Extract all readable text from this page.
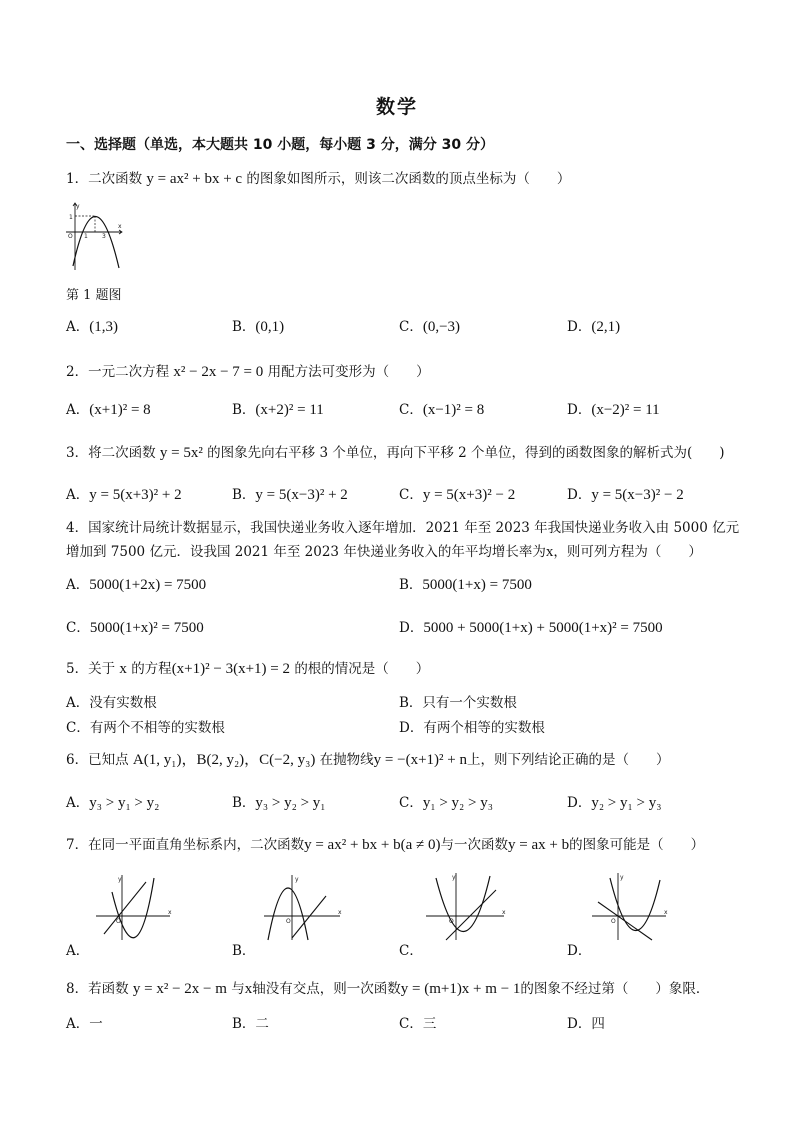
数学
一、选择题（单选，本大题共 10 小题，每小题 3 分，满分 30 分）
1．二次函数 y = ax² + bx + c 的图象如图所示，则该二次函数的顶点坐标为（　　）
y
1
O 1 3
x
第 1 题图
A．(1,3)	B．(0,1)	C．(0,−3)	D．(2,1)
2．一元二次方程 x² − 2x − 7 = 0 用配方法可变形为（　　）
A．(x+1)² = 8	B．(x+2)² = 11	C．(x−1)² = 8	D．(x−2)² = 11
3．将二次函数 y = 5x² 的图象先向右平移 3 个单位，再向下平移 2 个单位，得到的函数图象的解析式为(　　)
A．y = 5(x+3)² + 2	B．y = 5(x−3)² + 2	C．y = 5(x+3)² − 2	D．y = 5(x−3)² − 2
4．国家统计局统计数据显示，我国快递业务收入逐年增加．2021 年至 2023 年我国快递业务收入由 5000 亿元
增加到 7500 亿元．设我国 2021 年至 2023 年快递业务收入的年平均增长率为x，则可列方程为（　　）
A．5000(1+2x) = 7500	B．5000(1+x) = 7500
C．5000(1+x)² = 7500	D．5000 + 5000(1+x) + 5000(1+x)² = 7500
5．关于 x 的方程(x+1)² − 3(x+1) = 2 的根的情况是（　　）
A．没有实数根	B．只有一个实数根
C．有两个不相等的实数根	D．有两个相等的实数根
6．已知点 A(1, y₁)，B(2, y₂)，C(−2, y₃) 在抛物线y = −(x+1)² + n上，则下列结论正确的是（　　）
A．y₃ > y₁ > y₂	B．y₃ > y₂ > y₁	C．y₁ > y₂ > y₃	D．y₂ > y₁ > y₃
7．在同一平面直角坐标系内，二次函数y = ax² + bx + b(a ≠ 0)与一次函数y = ax + b的图象可能是（　　）
y
x
O
A．
y
x
O
B．
y
x
O
C．
y
x
O
D．
8．若函数 y = x² − 2x − m 与x轴没有交点，则一次函数y = (m+1)x + m − 1的图象不经过第（　　）象限．
A．一	B．二	C．三	D．四
